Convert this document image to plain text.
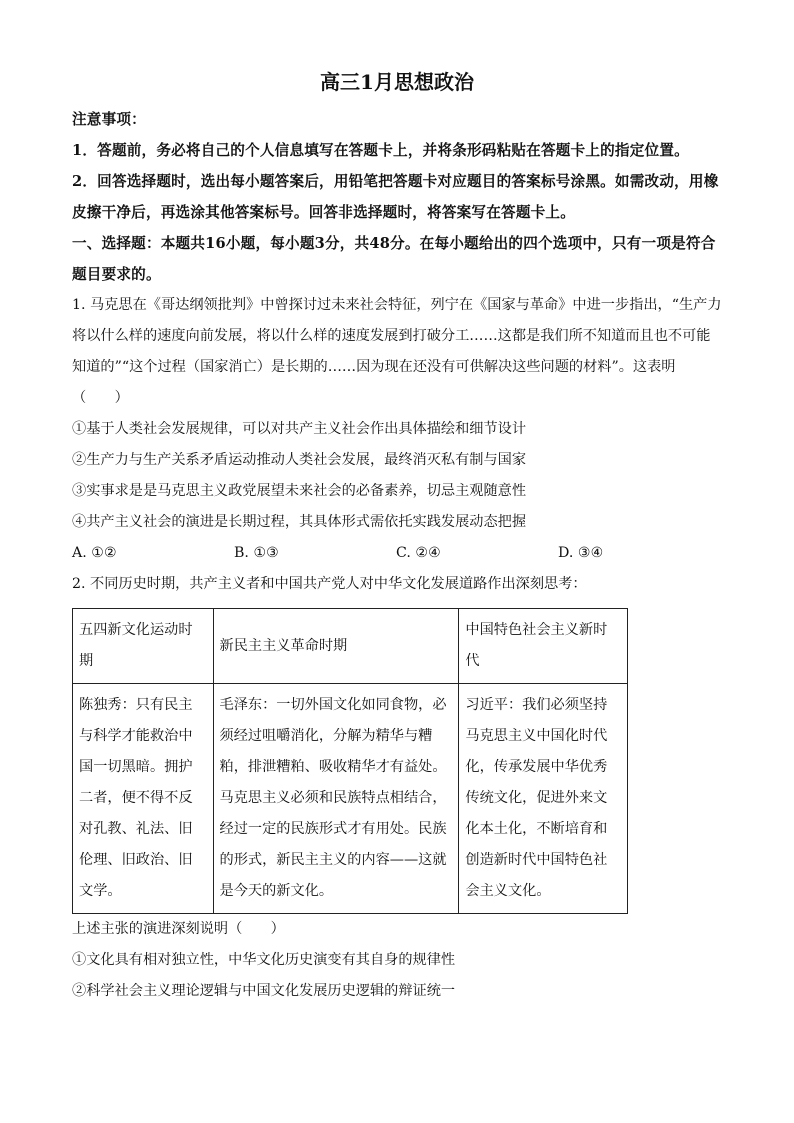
高三1月思想政治
注意事项：
1．答题前，务必将自己的个人信息填写在答题卡上，并将条形码粘贴在答题卡上的指定位置。
2．回答选择题时，选出每小题答案后，用铅笔把答题卡对应题目的答案标号涂黑。如需改动，用橡皮擦干净后，再选涂其他答案标号。回答非选择题时，将答案写在答题卡上。
一、选择题：本题共16小题，每小题3分，共48分。在每小题给出的四个选项中，只有一项是符合题目要求的。
1. 马克思在《哥达纲领批判》中曾探讨过未来社会特征，列宁在《国家与革命》中进一步指出，“生产力将以什么样的速度向前发展，将以什么样的速度发展到打破分工……这都是我们所不知道而且也不可能知道的”“这个过程（国家消亡）是长期的……因为现在还没有可供解决这些问题的材料”。这表明（　　）
①基于人类社会发展规律，可以对共产主义社会作出具体描绘和细节设计
②生产力与生产关系矛盾运动推动人类社会发展，最终消灭私有制与国家
③实事求是是马克思主义政党展望未来社会的必备素养，切忌主观随意性
④共产主义社会的演进是长期过程，其具体形式需依托实践发展动态把握
A. ①②	B. ①③	C. ②④	D. ③④
2. 不同历史时期，共产主义者和中国共产党人对中华文化发展道路作出深刻思考：
五四新文化运动时期	新民主主义革命时期	中国特色社会主义新时代
陈独秀：只有民主与科学才能救治中国一切黑暗。拥护二者，便不得不反对孔教、礼法、旧伦理、旧政治、旧文学。	毛泽东：一切外国文化如同食物，必须经过咀嚼消化，分解为精华与糟粕，排泄糟粕、吸收精华才有益处。马克思主义必须和民族特点相结合，经过一定的民族形式才有用处。民族的形式，新民主主义的内容——这就是今天的新文化。	习近平：我们必须坚持马克思主义中国化时代化，传承发展中华优秀传统文化，促进外来文化本土化，不断培育和创造新时代中国特色社会主义文化。
上述主张的演进深刻说明（　　）
①文化具有相对独立性，中华文化历史演变有其自身的规律性
②科学社会主义理论逻辑与中国文化发展历史逻辑的辩证统一
